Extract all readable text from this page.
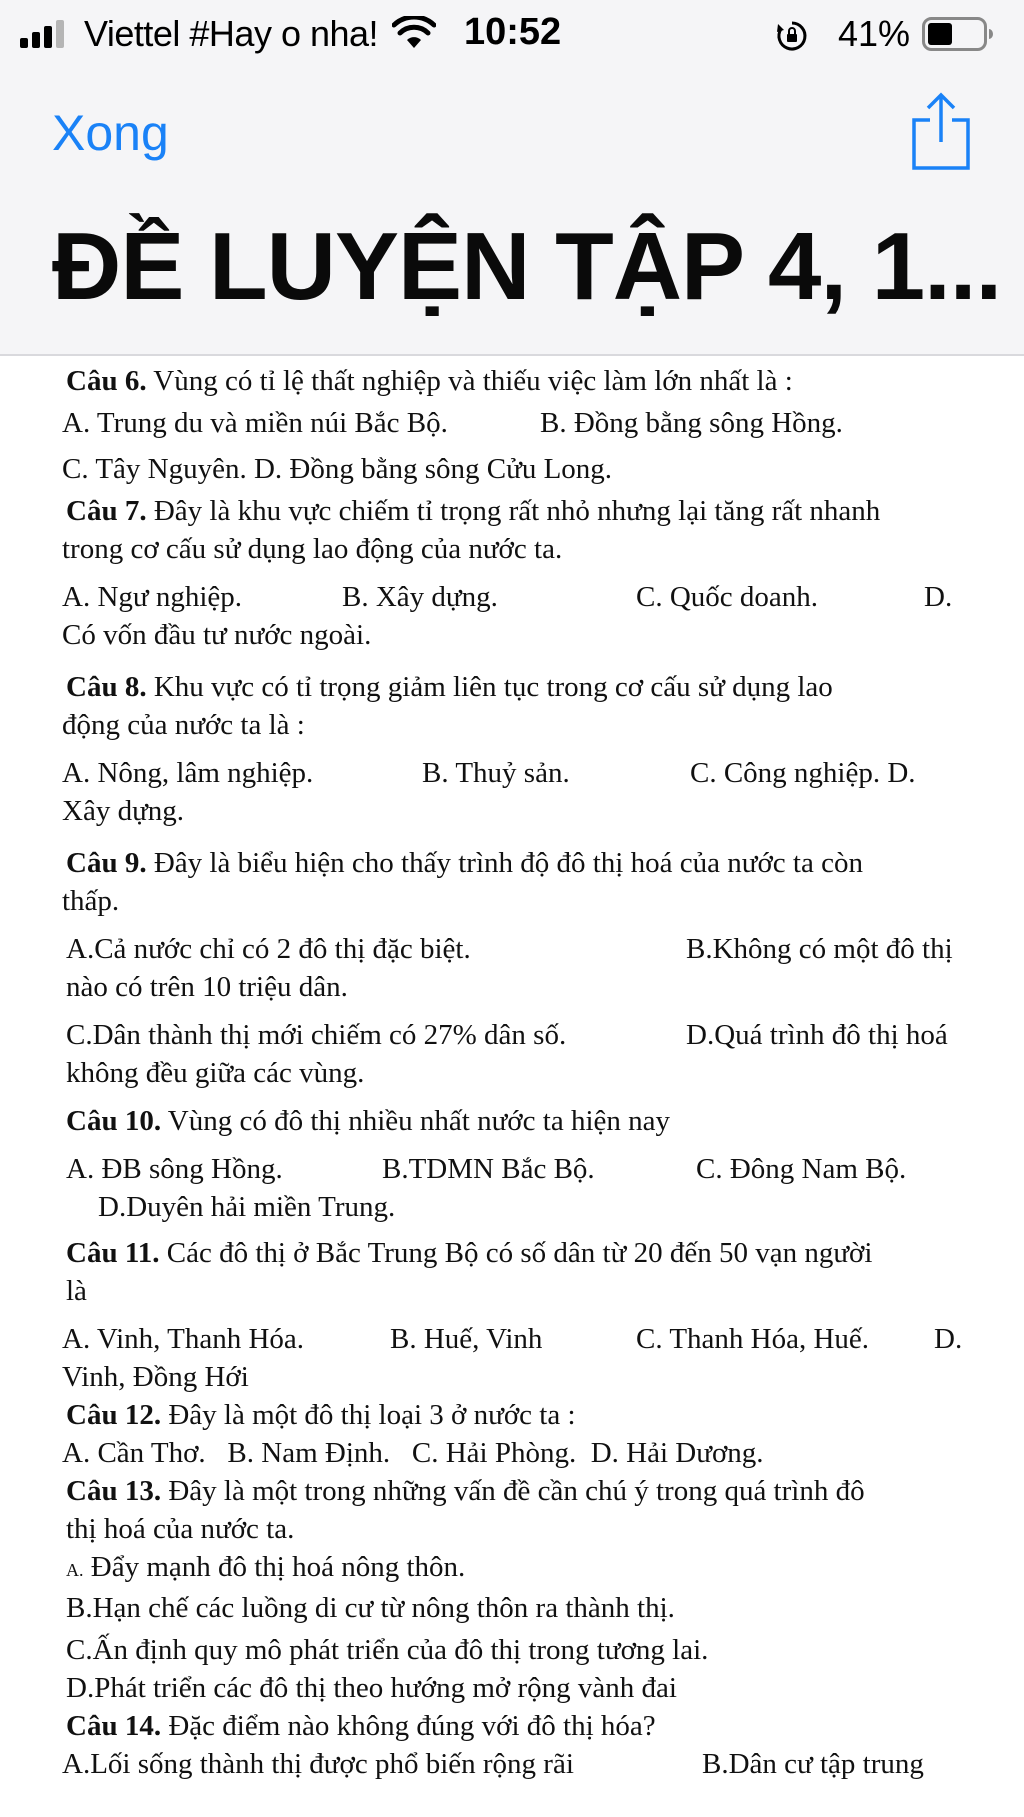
Viettel #Hay o nha! 10:52	41%
Xong
ĐỀ LUYỆN TẬP 4, 1...
Câu 6. Vùng có tỉ lệ thất nghiệp và thiếu việc làm lớn nhất là :
A. Trung du và miền núi Bắc Bộ.	B. Đồng bằng sông Hồng.
C. Tây Nguyên. D. Đồng bằng sông Cửu Long.
Câu 7. Đây là khu vực chiếm tỉ trọng rất nhỏ nhưng lại tăng rất nhanh
trong cơ cấu sử dụng lao động của nước ta.
A. Ngư nghiệp.	B. Xây dựng.	C. Quốc doanh.	D.
Có vốn đầu tư nước ngoài.
Câu 8. Khu vực có tỉ trọng giảm liên tục trong cơ cấu sử dụng lao
động của nước ta là :
A. Nông, lâm nghiệp.	B. Thuỷ sản.	C. Công nghiệp. D.
Xây dựng.
Câu 9. Đây là biểu hiện cho thấy trình độ đô thị hoá của nước ta còn
thấp.
A.Cả nước chỉ có 2 đô thị đặc biệt.	B.Không có một đô thị
nào có trên 10 triệu dân.
C.Dân thành thị mới chiếm có 27% dân số.	D.Quá trình đô thị hoá
không đều giữa các vùng.
Câu 10. Vùng có đô thị nhiều nhất nước ta hiện nay
A. ĐB sông Hồng.	B.TDMN Bắc Bộ.	C. Đông Nam Bộ.
D.Duyên hải miền Trung.
Câu 11. Các đô thị ở Bắc Trung Bộ có số dân từ 20 đến 50 vạn người
là
A. Vinh, Thanh Hóa.	B. Huế, Vinh	C. Thanh Hóa, Huế. D.
Vinh, Đồng Hới
Câu 12. Đây là một đô thị loại 3 ở nước ta :
A. Cần Thơ.   B. Nam Định.   C. Hải Phòng.  D. Hải Dương.
Câu 13. Đây là một trong những vấn đề cần chú ý trong quá trình đô
thị hoá của nước ta.
A. Đẩy mạnh đô thị hoá nông thôn.
B.Hạn chế các luồng di cư từ nông thôn ra thành thị.
C.Ấn định quy mô phát triển của đô thị trong tương lai.
D.Phát triển các đô thị theo hướng mở rộng vành đai
Câu 14. Đặc điểm nào không đúng với đô thị hóa?
A.Lối sống thành thị được phổ biến rộng rãi	B.Dân cư tập trung
